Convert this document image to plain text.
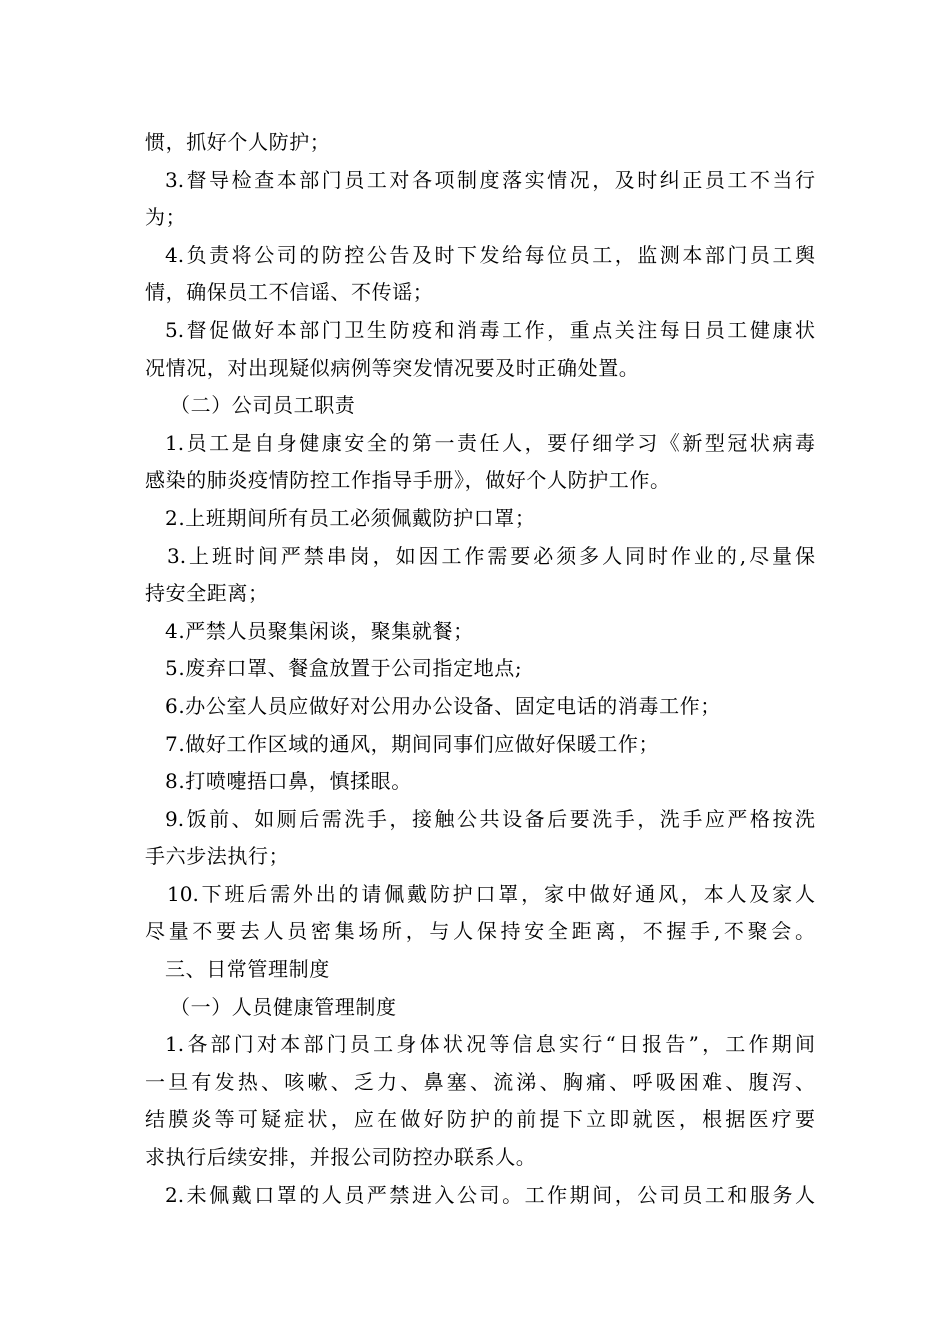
惯，抓好个人防护；
3.督导检查本部门员工对各项制度落实情况，及时纠正员工不当行
为；
4.负责将公司的防控公告及时下发给每位员工，监测本部门员工舆
情，确保员工不信谣、不传谣；
5.督促做好本部门卫生防疫和消毒工作，重点关注每日员工健康状
况情况，对出现疑似病例等突发情况要及时正确处置。
（二）公司员工职责
1.员工是自身健康安全的第一责任人，要仔细学习《新型冠状病毒
感染的肺炎疫情防控工作指导手册》，做好个人防护工作。
2.上班期间所有员工必须佩戴防护口罩；
3.上班时间严禁串岗，如因工作需要必须多人同时作业的,尽量保
持安全距离；
4.严禁人员聚集闲谈，聚集就餐；
5.废弃口罩、餐盒放置于公司指定地点;
6.办公室人员应做好对公用办公设备、固定电话的消毒工作；
7.做好工作区域的通风，期间同事们应做好保暖工作；
8.打喷嚏捂口鼻，慎揉眼。
9.饭前、如厕后需洗手，接触公共设备后要洗手，洗手应严格按洗
手六步法执行；
10.下班后需外出的请佩戴防护口罩，家中做好通风，本人及家人
尽量不要去人员密集场所，与人保持安全距离，不握手,不聚会。
三、日常管理制度
（一）人员健康管理制度
1.各部门对本部门员工身体状况等信息实行“日报告”，工作期间
一旦有发热、咳嗽、乏力、鼻塞、流涕、胸痛、呼吸困难、腹泻、
结膜炎等可疑症状，应在做好防护的前提下立即就医，根据医疗要
求执行后续安排，并报公司防控办联系人。
2.未佩戴口罩的人员严禁进入公司。工作期间，公司员工和服务人
